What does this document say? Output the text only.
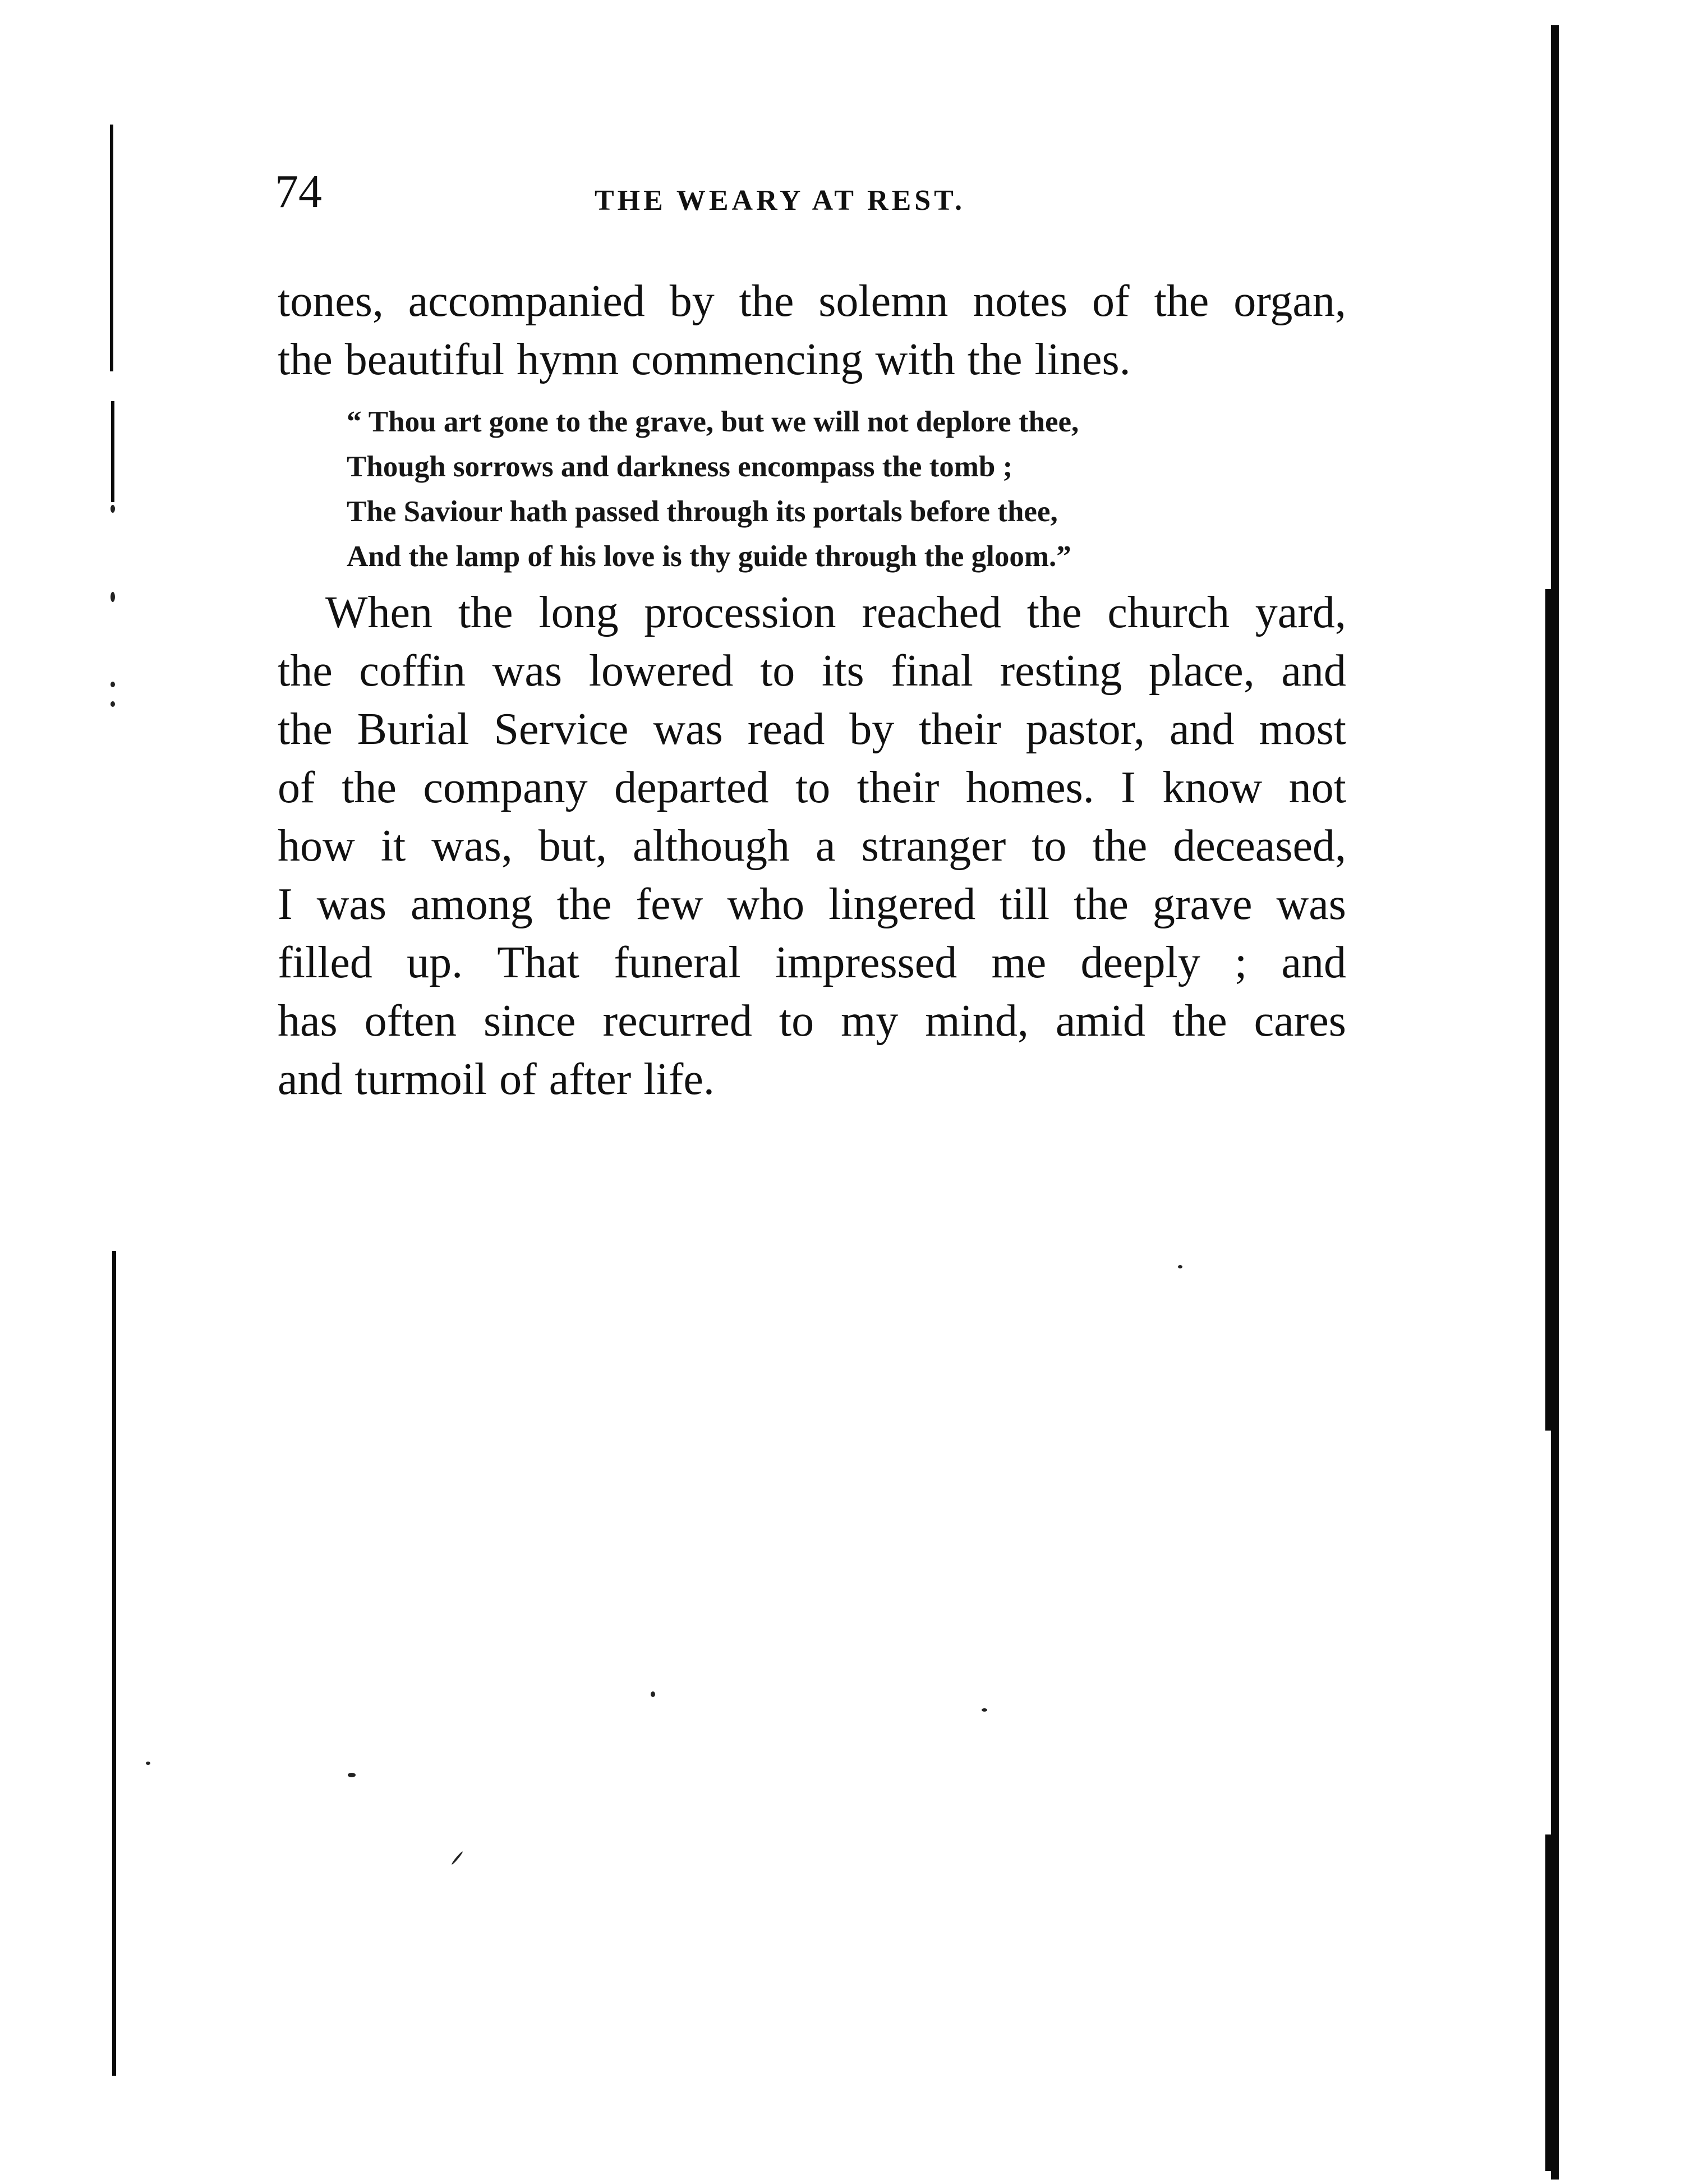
74	THE WEARY AT REST.
tones, accompanied by the solemn notes of the organ,
the beautiful hymn commencing with the lines.
“ Thou art gone to the grave, but we will not deplore thee,
Though sorrows and darkness encompass the tomb ;
The Saviour hath passed through its portals before thee,
And the lamp of his love is thy guide through the gloom.”
When the long procession reached the church yard,
the coffin was lowered to its final resting place, and
the Burial Service was read by their pastor, and most
of the company departed to their homes. I know not
how it was, but, although a stranger to the deceased,
I was among the few who lingered till the grave was
filled up. That funeral impressed me deeply ; and
has often since recurred to my mind, amid the cares
and turmoil of after life.
